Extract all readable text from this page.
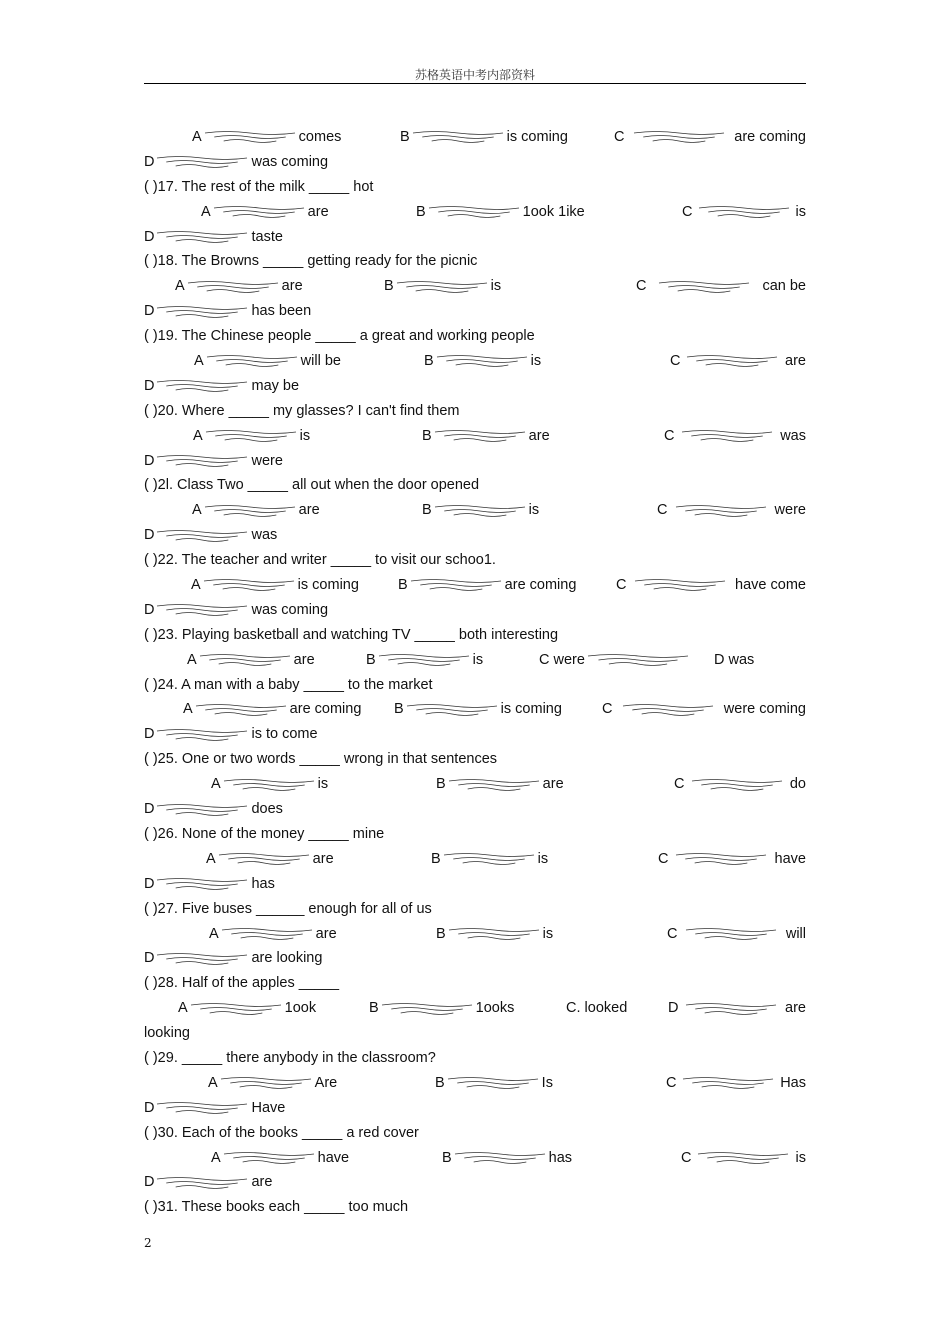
苏格英语中考内部资料
A	comes	B	is coming	C	are coming
D	was coming
( )17. The rest of the milk _____ hot
A	are	B	1ook 1ike	C	is
D	taste
( )18. The Browns _____ getting ready for the picnic
A	are	B	is	C	can be
D	has been
( )19. The Chinese people _____ a great and working people
A	will be	B	is	C	are
D	may be
( )20. Where _____ my glasses? I can't find them
A	is	B	are	C	was
D	were
( )2l. Class Two _____ all out when the door opened
A	are	B	is	C	were
D	was
( )22. The teacher and writer _____ to visit our schoo1.
A	is coming	B	are coming	C	have come
D	was coming
( )23. Playing basketball and watching TV _____ both interesting
A	are	B	is	C were	D was
( )24. A man with a baby _____ to the market
A	are coming B	is coming	C	were coming
D	is to come
( )25. One or two words _____ wrong in that sentences
A	is	B	are	C	do
D	does
( )26. None of the money _____ mine
A	are	B	is	C	have
D	has
( )27. Five buses ______ enough for all of us
A	are	B	is	C	will
D	are looking
( )28. Half of the apples _____
A	1ook	B	1ooks	C. looked	D	are
looking
( )29. _____ there anybody in the classroom?
A	Are	B	Is	C	Has
D	Have
( )30. Each of the books _____ a red cover
A	have	B	has	C	is
D	are
( )31. These books each _____ too much
2
